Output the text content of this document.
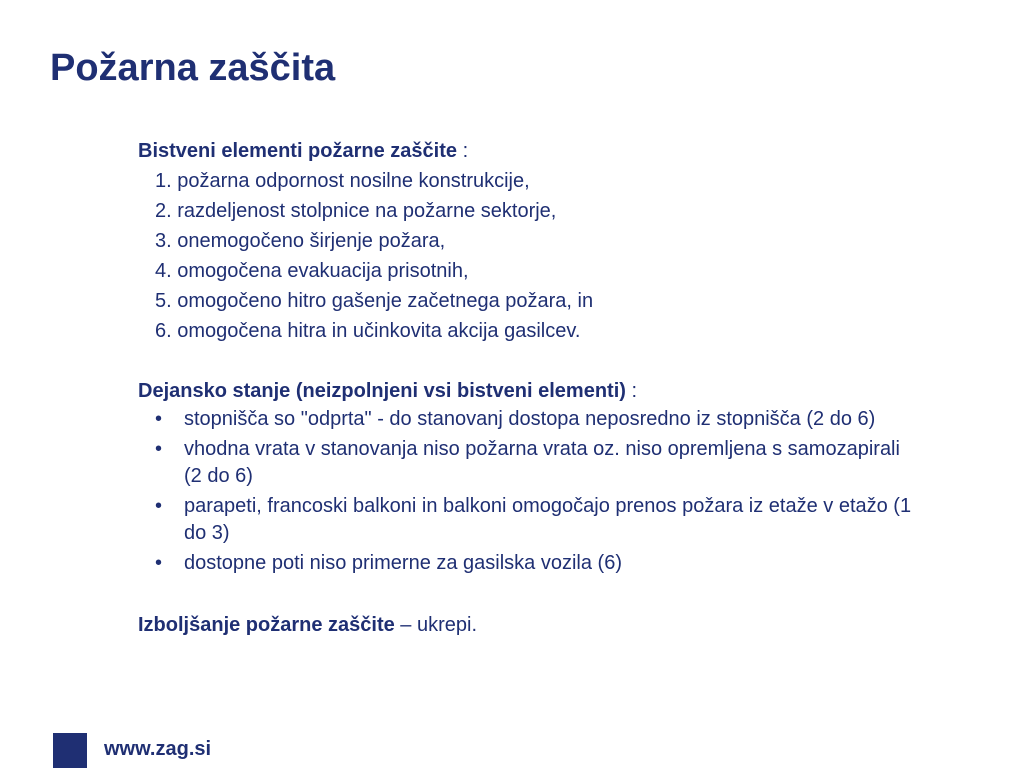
Požarna zaščita

Bistveni elementi požarne zaščite :

1. požarna odpornost nosilne konstrukcije,
2. razdeljenost stolpnice na požarne sektorje,
3. onemogočeno širjenje požara,
4. omogočena evakuacija prisotnih,
5. omogočeno hitro gašenje začetnega požara, in
6. omogočena hitra in učinkovita akcija gasilcev.

Dejansko stanje (neizpolnjeni vsi bistveni elementi) :

• stopnišča so "odprta" - do stanovanj dostopa neposredno iz stopnišča (2 do 6)
• vhodna vrata v stanovanja niso požarna vrata oz. niso opremljena s samozapirali (2 do 6)
• parapeti, francoski balkoni in balkoni omogočajo prenos požara iz etaže v etažo (1 do 3)
• dostopne poti niso primerne za gasilska vozila (6)

Izboljšanje požarne zaščite – ukrepi.

www.zag.si
